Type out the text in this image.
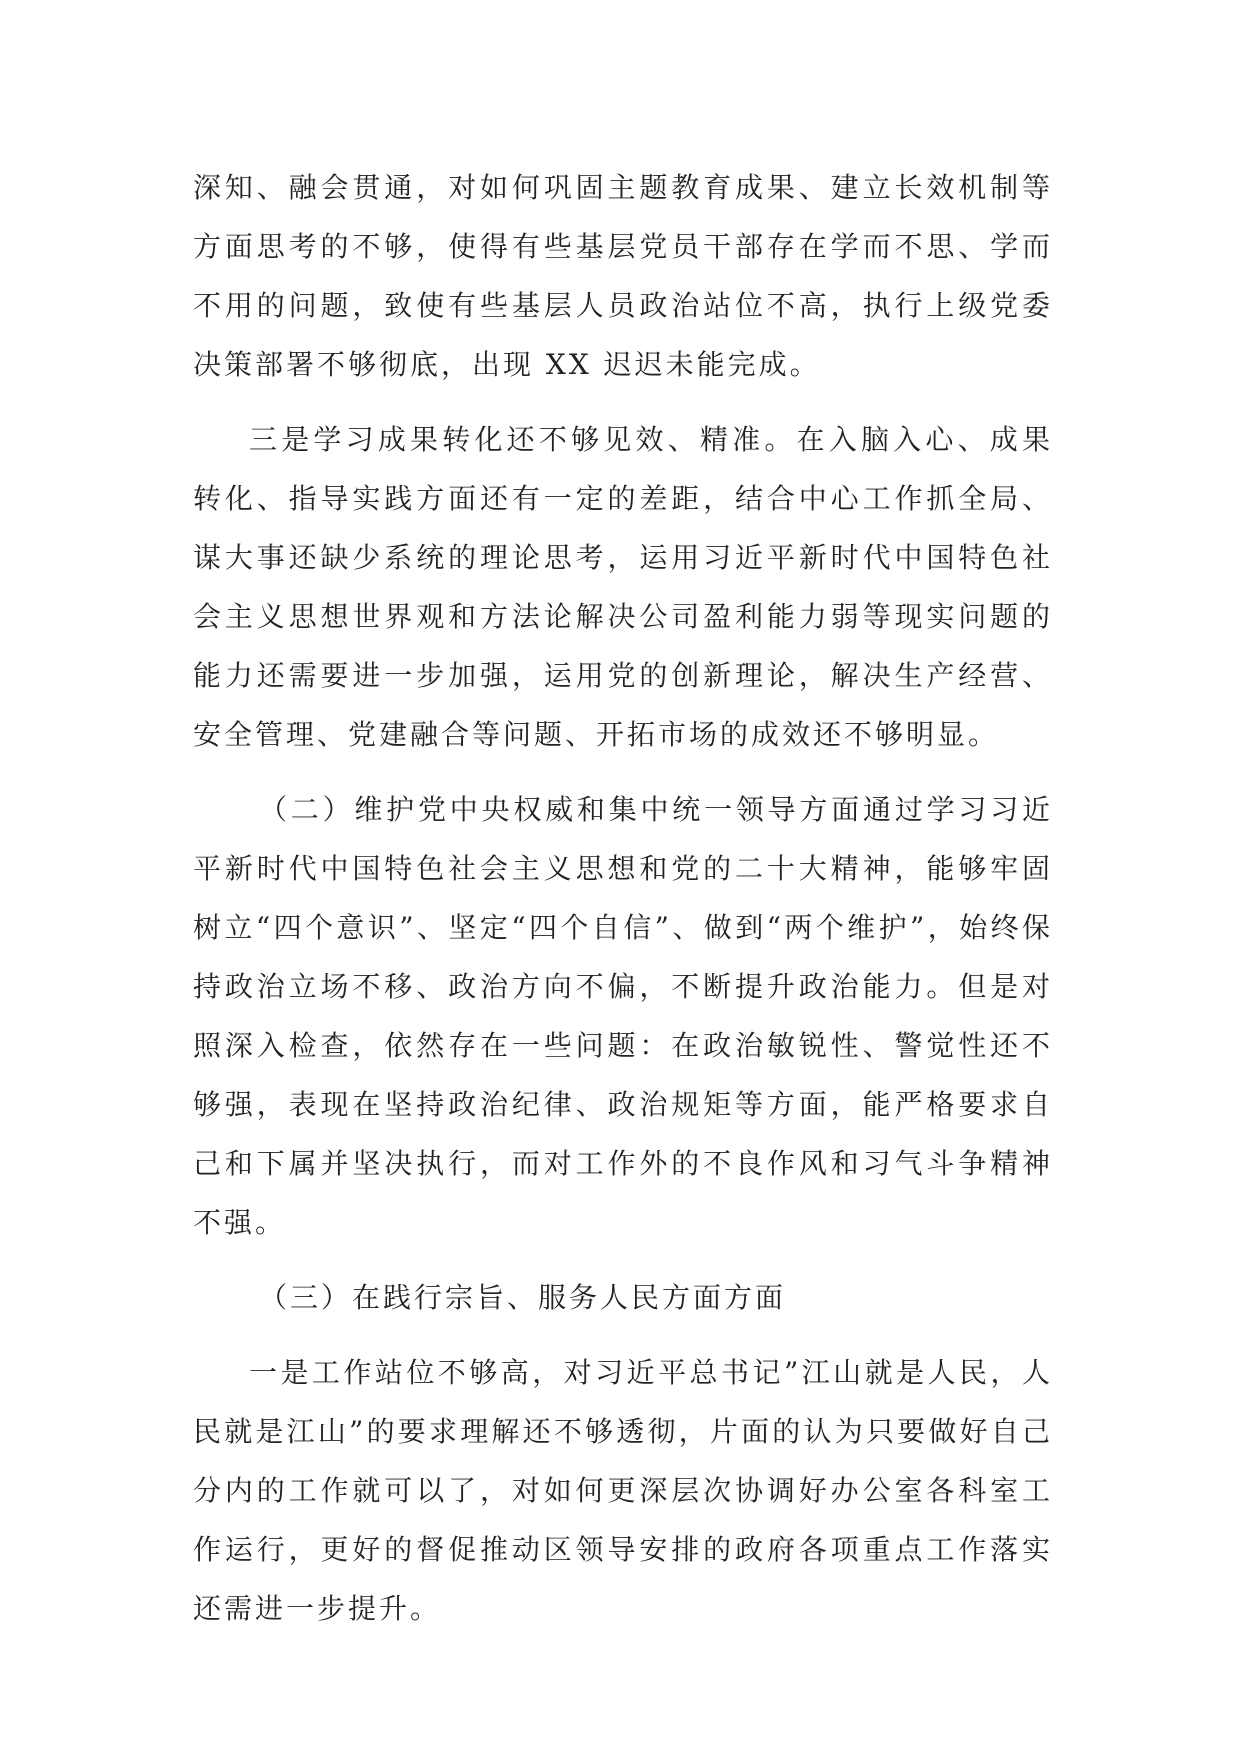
深知、融会贯通，对如何巩固主题教育成果、建立长效机制等方面思考的不够，使得有些基层党员干部存在学而不思、学而不用的问题，致使有些基层人员政治站位不高，执行上级党委决策部署不够彻底，出现 XX 迟迟未能完成。

三是学习成果转化还不够见效、精准。在入脑入心、成果转化、指导实践方面还有一定的差距，结合中心工作抓全局、谋大事还缺少系统的理论思考，运用习近平新时代中国特色社会主义思想世界观和方法论解决公司盈利能力弱等现实问题的能力还需要进一步加强，运用党的创新理论，解决生产经营、安全管理、党建融合等问题、开拓市场的成效还不够明显。

（二）维护党中央权威和集中统一领导方面通过学习习近平新时代中国特色社会主义思想和党的二十大精神，能够牢固树立“四个意识”、坚定“四个自信”、做到“两个维护”，始终保持政治立场不移、政治方向不偏，不断提升政治能力。但是对照深入检查，依然存在一些问题：在政治敏锐性、警觉性还不够强，表现在坚持政治纪律、政治规矩等方面，能严格要求自己和下属并坚决执行，而对工作外的不良作风和习气斗争精神不强。

（三）在践行宗旨、服务人民方面方面

一是工作站位不够高，对习近平总书记”江山就是人民，人民就是江山”的要求理解还不够透彻，片面的认为只要做好自己分内的工作就可以了，对如何更深层次协调好办公室各科室工作运行，更好的督促推动区领导安排的政府各项重点工作落实还需进一步提升。
